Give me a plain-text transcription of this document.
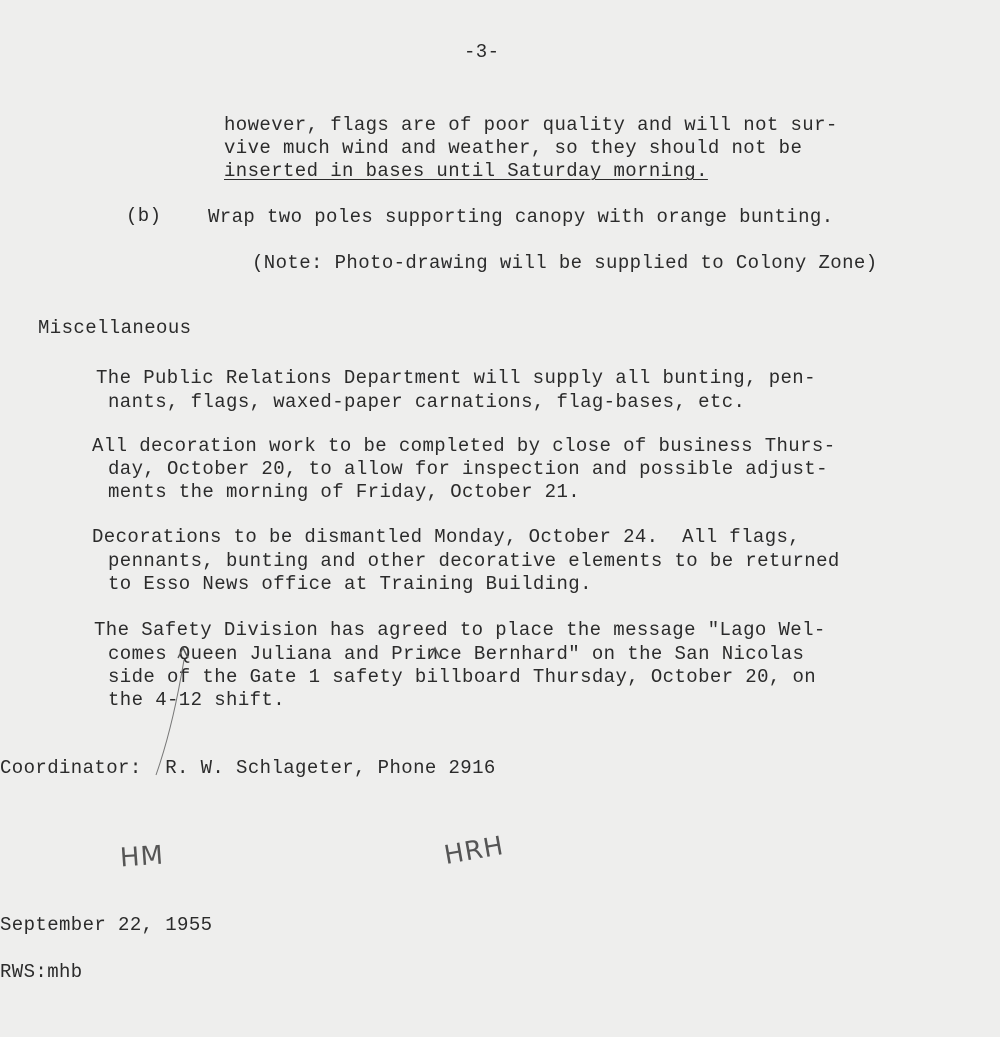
-3-
however, flags are of poor quality and will not sur-
vive much wind and weather, so they should not be
inserted in bases until Saturday morning.
(b) Wrap two poles supporting canopy with orange bunting.
(Note: Photo-drawing will be supplied to Colony Zone)
Miscellaneous
The Public Relations Department will supply all bunting, pen-
nants, flags, waxed-paper carnations, flag-bases, etc.
All decoration work to be completed by close of business Thurs-
day, October 20, to allow for inspection and possible adjust-
ments the morning of Friday, October 21.
Decorations to be dismantled Monday, October 24.  All flags,
pennants, bunting and other decorative elements to be returned
to Esso News office at Training Building.
The Safety Division has agreed to place the message "Lago Wel-
comes Queen Juliana and Prince Bernhard" on the San Nicolas
side of the Gate 1 safety billboard Thursday, October 20, on
the 4-12 shift.
Coordinator:  R. W. Schlageter, Phone 2916
HM	HRH
September 22, 1955
RWS:mhb
